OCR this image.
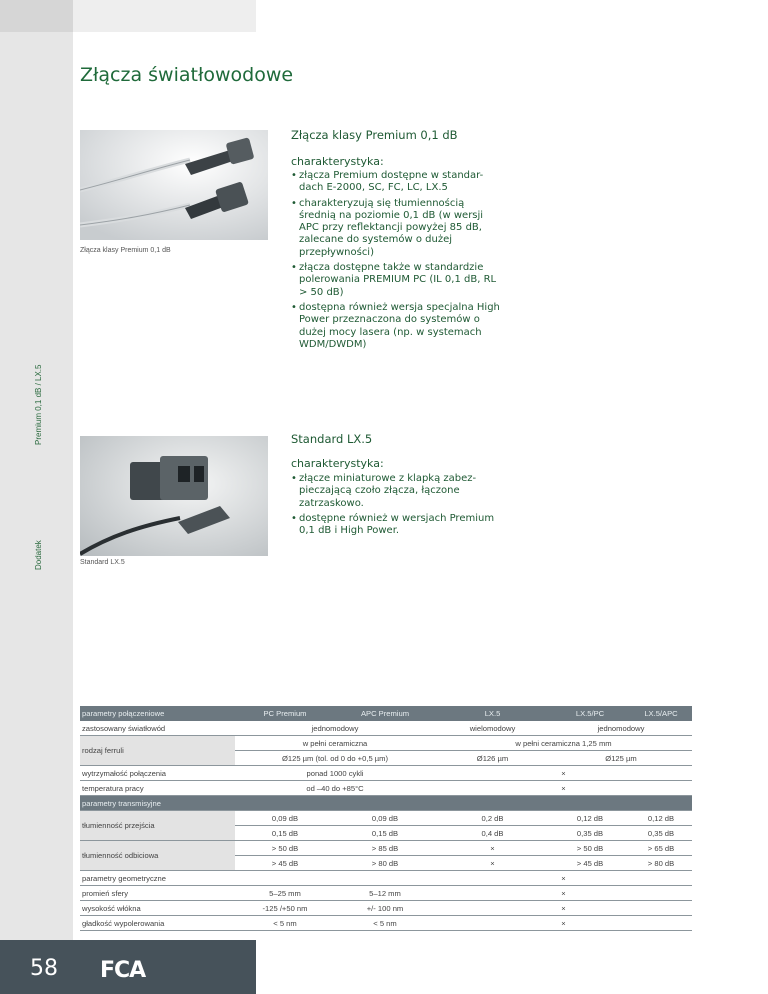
Premium 0,1 dB / LX.5
Dodatek
Złącza światłowodowe
Złącza klasy Premium 0,1 dB
Złącza klasy Premium 0,1 dB
charakterystyka:
• złącza Premium dostępne w standar-dach E-2000, SC, FC, LC, LX.5
• charakteryzują się tłumiennością średnią na poziomie 0,1 dB (w wersji APC przy reflektancji powyżej 85 dB, zalecane do systemów o dużej przepływności)
• złącza dostępne także w standardzie polerowania PREMIUM PC (IL 0,1 dB, RL > 50 dB)
• dostępna również wersja specjalna High Power przeznaczona do systemów o dużej mocy lasera (np. w systemach WDM/DWDM)
Standard LX.5
Standard LX.5
charakterystyka:
• złącze miniaturowe z klapką zabez-pieczającą czoło złącza, łączone zatrzaskowo.
• dostępne również w wersjach Premium 0,1 dB i High Power.
parametry połączeniowe	PC Premium	APC Premium	LX.5	LX.5/PC	LX.5/APC
zastosowany światłowód	jednomodowy		wielomodowy	jednomodowy	
rodzaj ferruli	w pełni ceramiczna		w pełni ceramiczna 1,25 mm		
	Ø125 µm (tol. od 0 do +0,5 µm)		Ø126 µm	Ø125 µm	
wytrzymałość połączenia	ponad 1000 cykli		×		
temperatura pracy	od –40 do +85°C		×		
parametry transmisyjne					
tłumienność przejścia	0,09 dB	0,09 dB	0,2 dB	0,12 dB	0,12 dB
	0,15 dB	0,15 dB	0,4 dB	0,35 dB	0,35 dB
tłumienność odbiciowa	> 50 dB	> 85 dB	×	> 50 dB	> 65 dB
	> 45 dB	> 80 dB	×	> 45 dB	> 80 dB
parametry geometryczne			×		
promień sfery	5–25 mm	5–12 mm	×		
wysokość włókna	-125 /+50 nm	+/- 100 nm	×		
gładkość wypolerowania	< 5 nm	< 5 nm	×		
58 FCA
